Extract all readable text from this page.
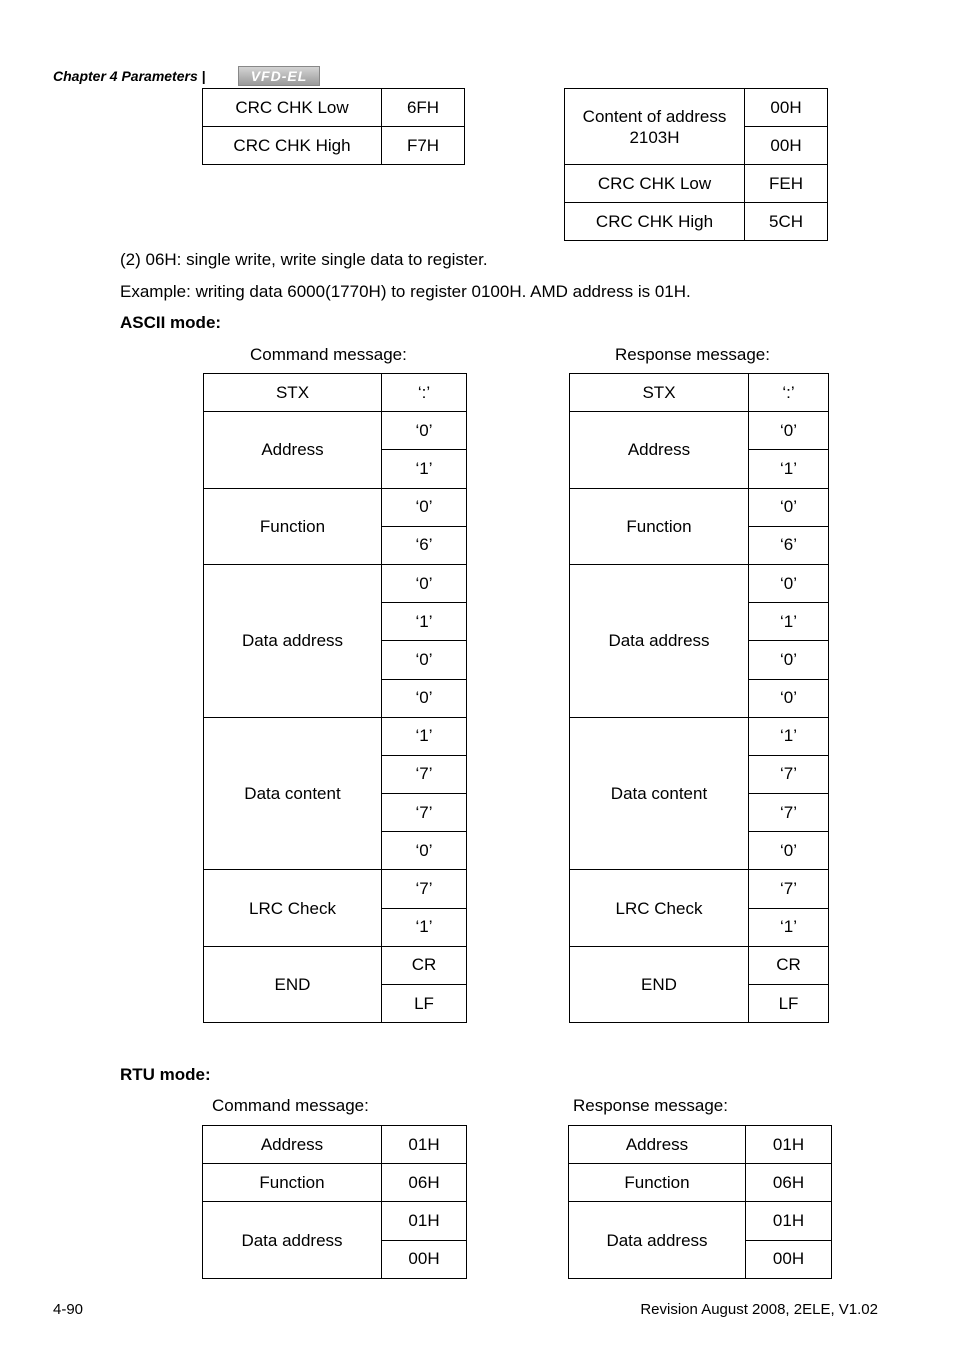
Chapter 4 Parameters |	VFD-EL
CRC CHK Low	6FH
CRC CHK High	F7H
Content of address 2103H	00H
	00H
CRC CHK Low	FEH
CRC CHK High	5CH
(2) 06H: single write, write single data to register.
Example: writing data 6000(1770H) to register 0100H. AMD address is 01H.
ASCII mode:
Command message:	Response message:
STX	‘:’
Address	‘0’
	‘1’
Function	‘0’
	‘6’
Data address	‘0’
	‘1’
	‘0’
	‘0’
Data content	‘1’
	‘7’
	‘7’
	‘0’
LRC Check	‘7’
	‘1’
END	CR
	LF
STX	‘:’
Address	‘0’
	‘1’
Function	‘0’
	‘6’
Data address	‘0’
	‘1’
	‘0’
	‘0’
Data content	‘1’
	‘7’
	‘7’
	‘0’
LRC Check	‘7’
	‘1’
END	CR
	LF
RTU mode:
Command message:	Response message:
Address	01H
Function	06H
Data address	01H
	00H
Address	01H
Function	06H
Data address	01H
	00H
4-90	Revision August 2008, 2ELE, V1.02
